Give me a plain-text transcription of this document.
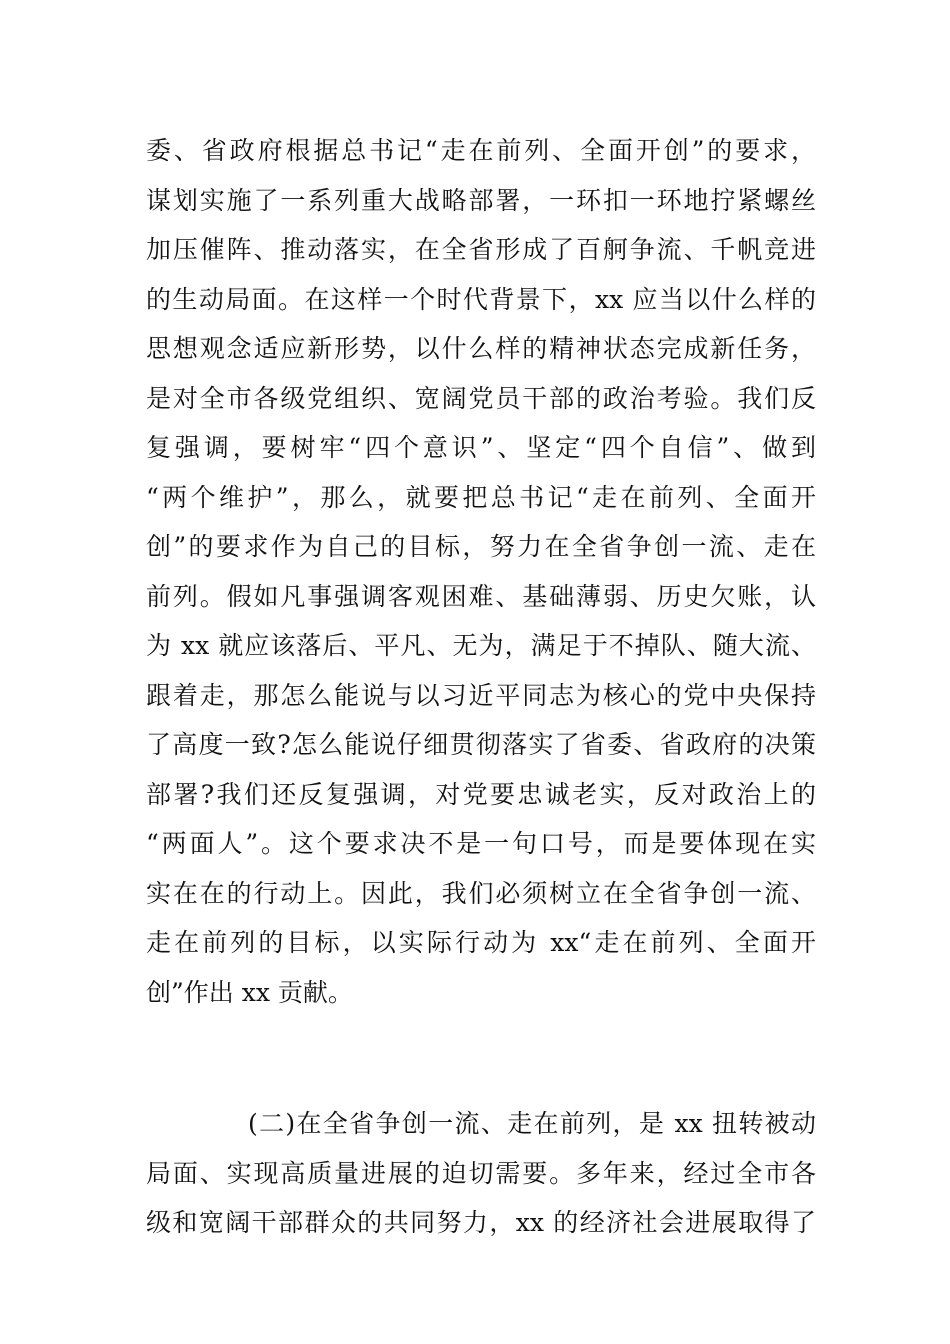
委、省政府根据总书记“走在前列、全面开创”的要求，
谋划实施了一系列重大战略部署，一环扣一环地拧紧螺丝
加压催阵、推动落实，在全省形成了百舸争流、千帆竞进
的生动局面。在这样一个时代背景下，xx 应当以什么样的
思想观念适应新形势，以什么样的精神状态完成新任务，
是对全市各级党组织、宽阔党员干部的政治考验。我们反
复强调，要树牢“四个意识”、坚定“四个自信”、做到
“两个维护”，那么，就要把总书记“走在前列、全面开
创”的要求作为自己的目标，努力在全省争创一流、走在
前列。假如凡事强调客观困难、基础薄弱、历史欠账，认
为 xx 就应该落后、平凡、无为，满足于不掉队、随大流、
跟着走，那怎么能说与以习近平同志为核心的党中央保持
了高度一致?怎么能说仔细贯彻落实了省委、省政府的决策
部署?我们还反复强调，对党要忠诚老实，反对政治上的
“两面人”。这个要求决不是一句口号，而是要体现在实
实在在的行动上。因此，我们必须树立在全省争创一流、
走在前列的目标，以实际行动为 xx“走在前列、全面开
创”作出 xx 贡献。
(二)在全省争创一流、走在前列，是 xx 扭转被动
局面、实现高质量进展的迫切需要。多年来，经过全市各
级和宽阔干部群众的共同努力，xx 的经济社会进展取得了
